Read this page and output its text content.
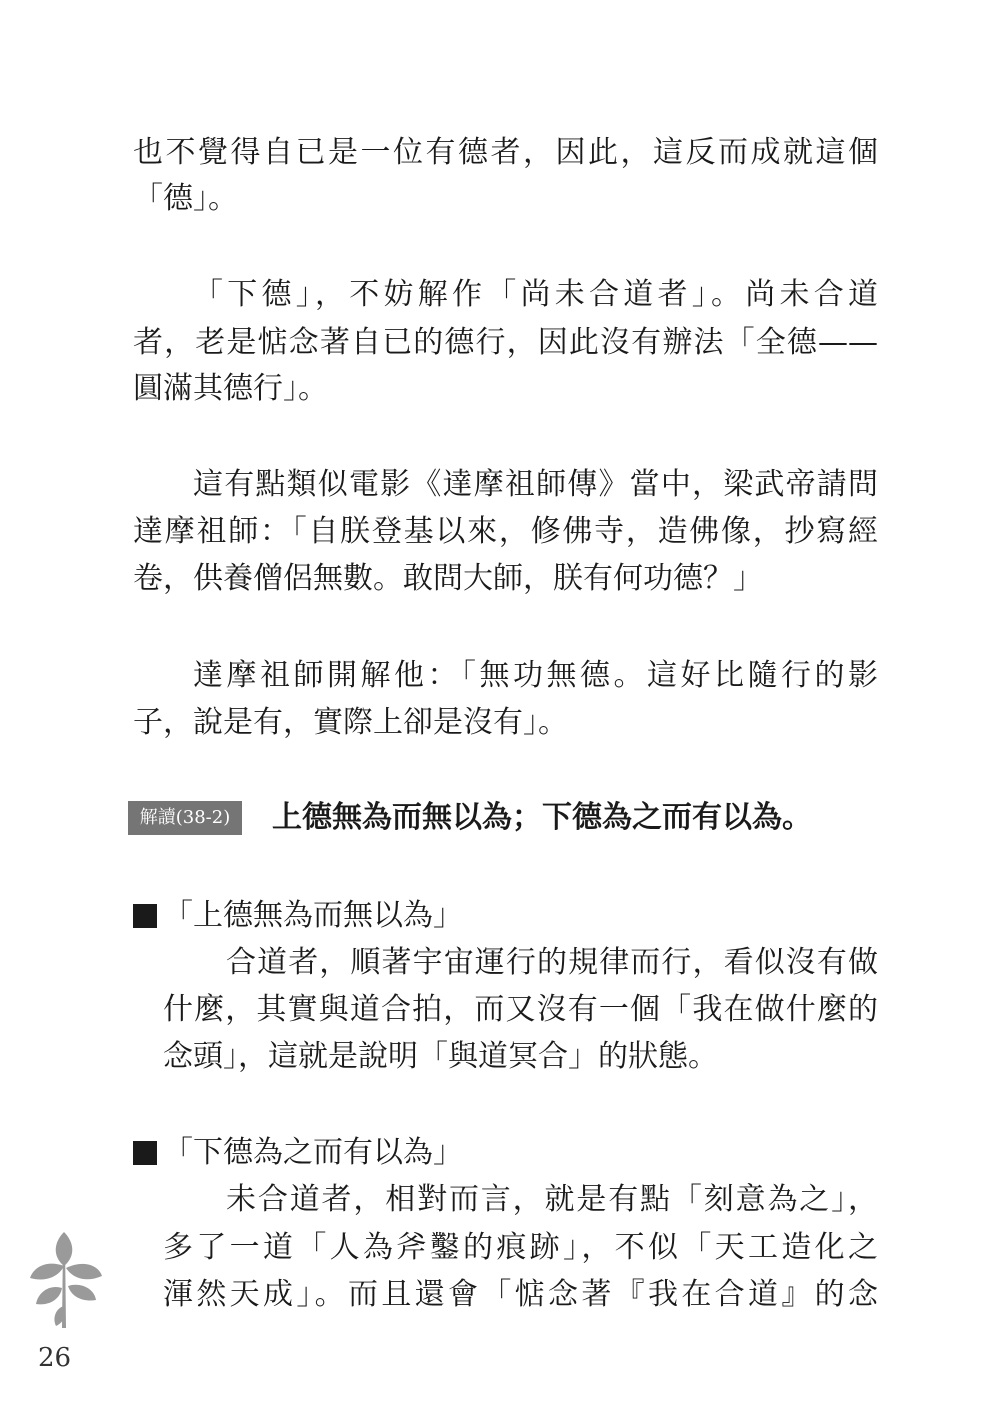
也不覺得自已是一位有德者，因此，這反而成就這個
「德」。
「下德」，不妨解作「尚未合道者」。尚未合道
者，老是惦念著自已的德行，因此沒有辦法「全德——
圓滿其德行」。
這有點類似電影《達摩祖師傳》當中，梁武帝請問
達摩祖師：「自朕登基以來，修佛寺，造佛像，抄寫經
卷，供養僧侶無數。敢問大師，朕有何功德？」
達摩祖師開解他：「無功無德。這好比隨行的影
子，說是有，實際上卻是沒有」。
解讀(38-2)	上德無為而無以為；下德為之而有以為。
「上德無為而無以為」
合道者，順著宇宙運行的規律而行，看似沒有做
什麼，其實與道合拍，而又沒有一個「我在做什麼的
念頭」，這就是說明「與道冥合」的狀態。
「下德為之而有以為」
未合道者，相對而言，就是有點「刻意為之」，
多了一道「人為斧鑿的痕跡」，不似「天工造化之
渾然天成」。而且還會「惦念著『我在合道』的念
26
